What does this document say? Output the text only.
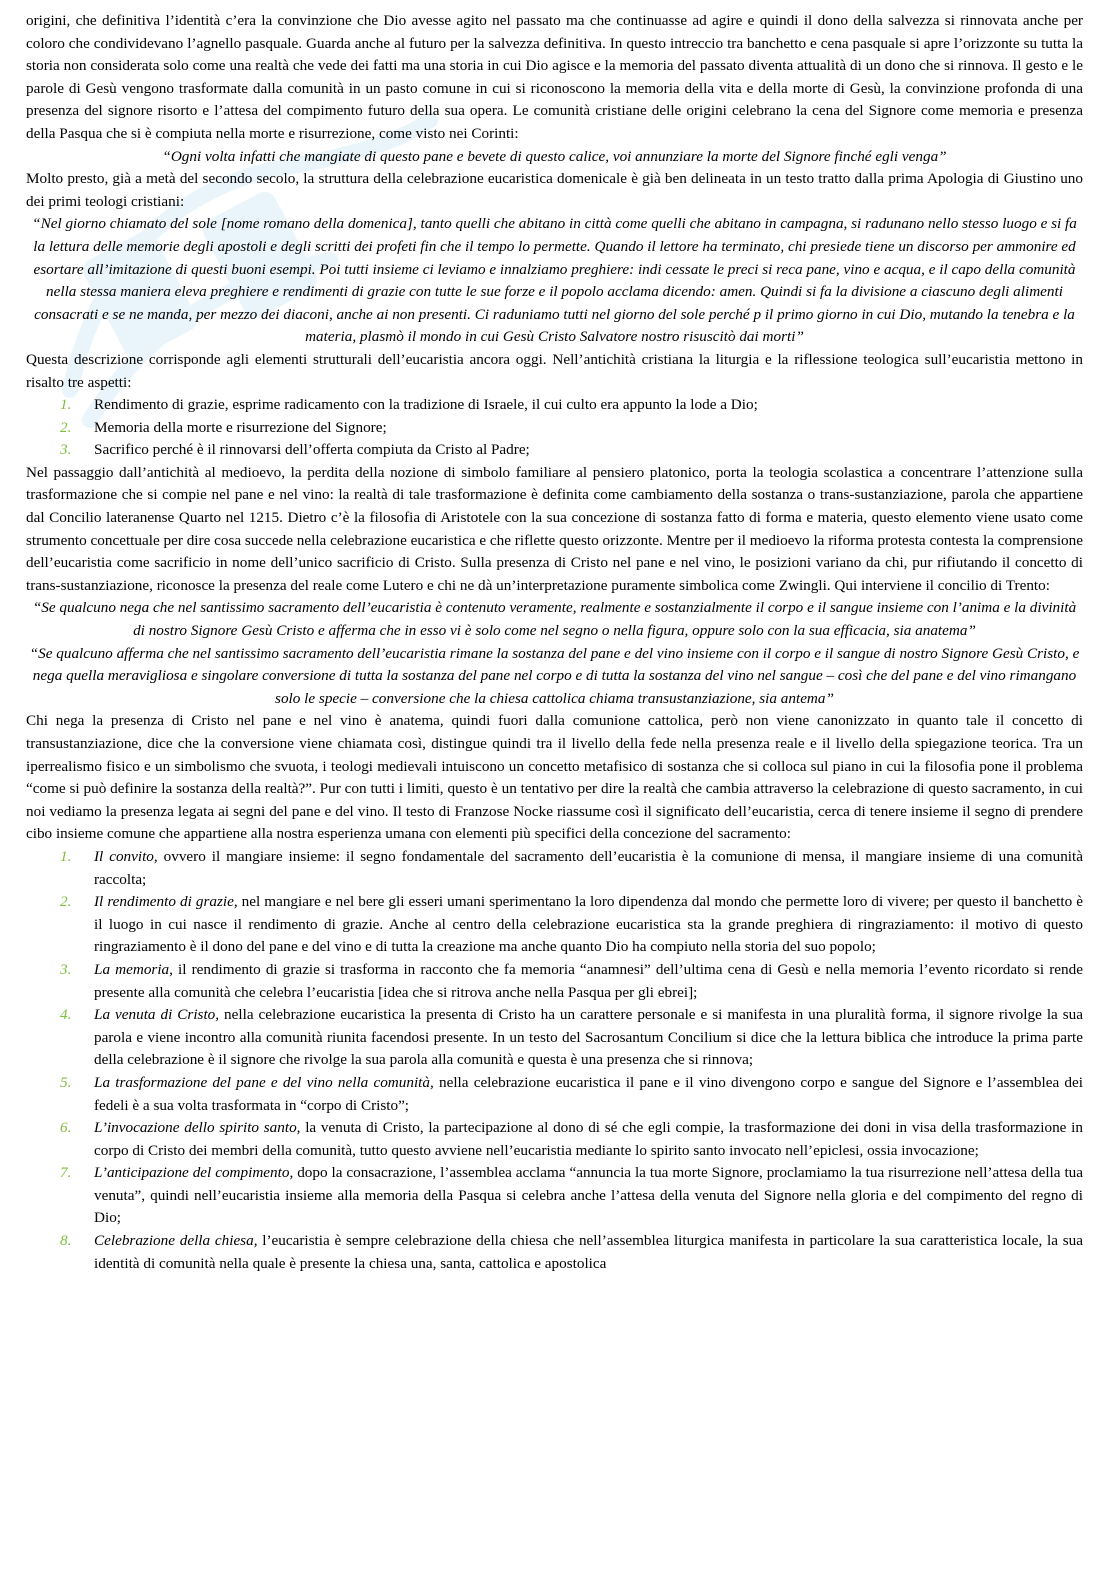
origini, che definitiva l’identità c’era la convinzione che Dio avesse agito nel passato ma che continuasse ad agire e quindi il dono della salvezza si rinnovata anche per coloro che condividevano l’agnello pasquale. Guarda anche al futuro per la salvezza definitiva. In questo intreccio tra banchetto e cena pasquale si apre l’orizzonte su tutta la storia non considerata solo come una realtà che vede dei fatti ma una storia in cui Dio agisce e la memoria del passato diventa attualità di un dono che si rinnova. Il gesto e le parole di Gesù vengono trasformate dalla comunità in un pasto comune in cui si riconoscono la memoria della vita e della morte di Gesù, la convinzione profonda di una presenza del signore risorto e l’attesa del compimento futuro della sua opera. Le comunità cristiane delle origini celebrano la cena del Signore come memoria e presenza della Pasqua che si è compiuta nella morte e risurrezione, come visto nei Corinti:

“Ogni volta infatti che mangiate di questo pane e bevete di questo calice, voi annunziare la morte del Signore finché egli venga”

Molto presto, già a metà del secondo secolo, la struttura della celebrazione eucaristica domenicale è già ben delineata in un testo tratto dalla prima Apologia di Giustino uno dei primi teologi cristiani:

“Nel giorno chiamato del sole [nome romano della domenica], tanto quelli che abitano in città come quelli che abitano in campagna, si radunano nello stesso luogo e si fa la lettura delle memorie degli apostoli e degli scritti dei profeti fin che il tempo lo permette. Quando il lettore ha terminato, chi presiede tiene un discorso per ammonire ed esortare all’imitazione di questi buoni esempi. Poi tutti insieme ci leviamo e innalziamo preghiere: indi cessate le preci si reca pane, vino e acqua, e il capo della comunità nella stessa maniera eleva preghiere e rendimenti di grazie con tutte le sue forze e il popolo acclama dicendo: amen. Quindi si fa la divisione a ciascuno degli alimenti consacrati e se ne manda, per mezzo dei diaconi, anche ai non presenti. Ci raduniamo tutti nel giorno del sole perché p il primo giorno in cui Dio, mutando la tenebra e la materia, plasmò il mondo in cui Gesù Cristo Salvatore nostro risuscitò dai morti”

Questa descrizione corrisponde agli elementi strutturali dell’eucaristia ancora oggi. Nell’antichità cristiana la liturgia e la riflessione teologica sull’eucaristia mettono in risalto tre aspetti:

1. Rendimento di grazie, esprime radicamento con la tradizione di Israele, il cui culto era appunto la lode a Dio;
2. Memoria della morte e risurrezione del Signore;
3. Sacrifico perché è il rinnovarsi dell’offerta compiuta da Cristo al Padre;

Nel passaggio dall’antichità al medioevo, la perdita della nozione di simbolo familiare al pensiero platonico, porta la teologia scolastica a concentrare l’attenzione sulla trasformazione che si compie nel pane e nel vino: la realtà di tale trasformazione è definita come cambiamento della sostanza o trans-sustanziazione, parola che appartiene dal Concilio lateranense Quarto nel 1215. Dietro c’è la filosofia di Aristotele con la sua concezione di sostanza fatto di forma e materia, questo elemento viene usato come strumento concettuale per dire cosa succede nella celebrazione eucaristica e che riflette questo orizzonte. Mentre per il medioevo la riforma protesta contesta la comprensione dell’eucaristia come sacrificio in nome dell’unico sacrificio di Cristo. Sulla presenza di Cristo nel pane e nel vino, le posizioni variano da chi, pur rifiutando il concetto di trans-sustanziazione, riconosce la presenza del reale come Lutero e chi ne dà un’interpretazione puramente simbolica come Zwingli. Qui interviene il concilio di Trento:

“Se qualcuno nega che nel santissimo sacramento dell’eucaristia è contenuto veramente, realmente e sostanzialmente il corpo e il sangue insieme con l’anima e la divinità di nostro Signore Gesù Cristo e afferma che in esso vi è solo come nel segno o nella figura, oppure solo con la sua efficacia, sia anatema”

“Se qualcuno afferma che nel santissimo sacramento dell’eucaristia rimane la sostanza del pane e del vino insieme con il corpo e il sangue di nostro Signore Gesù Cristo, e nega quella meravigliosa e singolare conversione di tutta la sostanza del pane nel corpo e di tutta la sostanza del vino nel sangue – così che del pane e del vino rimangano solo le specie – conversione che la chiesa cattolica chiama transustanziazione, sia antema”

Chi nega la presenza di Cristo nel pane e nel vino è anatema, quindi fuori dalla comunione cattolica, però non viene canonizzato in quanto tale il concetto di transustanziazione, dice che la conversione viene chiamata così, distingue quindi tra il livello della fede nella presenza reale e il livello della spiegazione teorica. Tra un iperrealismo fisico e un simbolismo che svuota, i teologi medievali intuiscono un concetto metafisico di sostanza che si colloca sul piano in cui la filosofia pone il problema “come si può definire la sostanza della realtà?”. Pur con tutti i limiti, questo è un tentativo per dire la realtà che cambia attraverso la celebrazione di questo sacramento, in cui noi vediamo la presenza legata ai segni del pane e del vino. Il testo di Franzose Nocke riassume così il significato dell’eucaristia, cerca di tenere insieme il segno di prendere cibo insieme comune che appartiene alla nostra esperienza umana con elementi più specifici della concezione del sacramento:

1. Il convito, ovvero il mangiare insieme: il segno fondamentale del sacramento dell’eucaristia è la comunione di mensa, il mangiare insieme di una comunità raccolta;
2. Il rendimento di grazie, nel mangiare e nel bere gli esseri umani sperimentano la loro dipendenza dal mondo che permette loro di vivere; per questo il banchetto è il luogo in cui nasce il rendimento di grazie. Anche al centro della celebrazione eucaristica sta la grande preghiera di ringraziamento: il motivo di questo ringraziamento è il dono del pane e del vino e di tutta la creazione ma anche quanto Dio ha compiuto nella storia del suo popolo;
3. La memoria, il rendimento di grazie si trasforma in racconto che fa memoria “anamnesi” dell’ultima cena di Gesù e nella memoria l’evento ricordato si rende presente alla comunità che celebra l’eucaristia [idea che si ritrova anche nella Pasqua per gli ebrei];
4. La venuta di Cristo, nella celebrazione eucaristica la presenta di Cristo ha un carattere personale e si manifesta in una pluralità forma, il signore rivolge la sua parola e viene incontro alla comunità riunita facendosi presente. In un testo del Sacrosantum Concilium si dice che la lettura biblica che introduce la prima parte della celebrazione è il signore che rivolge la sua parola alla comunità e questa è una presenza che si rinnova;
5. La trasformazione del pane e del vino nella comunità, nella celebrazione eucaristica il pane e il vino divengono corpo e sangue del Signore e l’assemblea dei fedeli è a sua volta trasformata in “corpo di Cristo”;
6. L’invocazione dello spirito santo, la venuta di Cristo, la partecipazione al dono di sé che egli compie, la trasformazione dei doni in visa della trasformazione in corpo di Cristo dei membri della comunità, tutto questo avviene nell’eucaristia mediante lo spirito santo invocato nell’epiclesi, ossia invocazione;
7. L’anticipazione del compimento, dopo la consacrazione, l’assemblea acclama “annuncia la tua morte Signore, proclamiamo la tua risurrezione nell’attesa della tua venuta”, quindi nell’eucaristia insieme alla memoria della Pasqua si celebra anche l’attesa della venuta del Signore nella gloria e del compimento del regno di Dio;
8. Celebrazione della chiesa, l’eucaristia è sempre celebrazione della chiesa che nell’assemblea liturgica manifesta in particolare la sua caratteristica locale, la sua identità di comunità nella quale è presente la chiesa una, santa, cattolica e apostolica
